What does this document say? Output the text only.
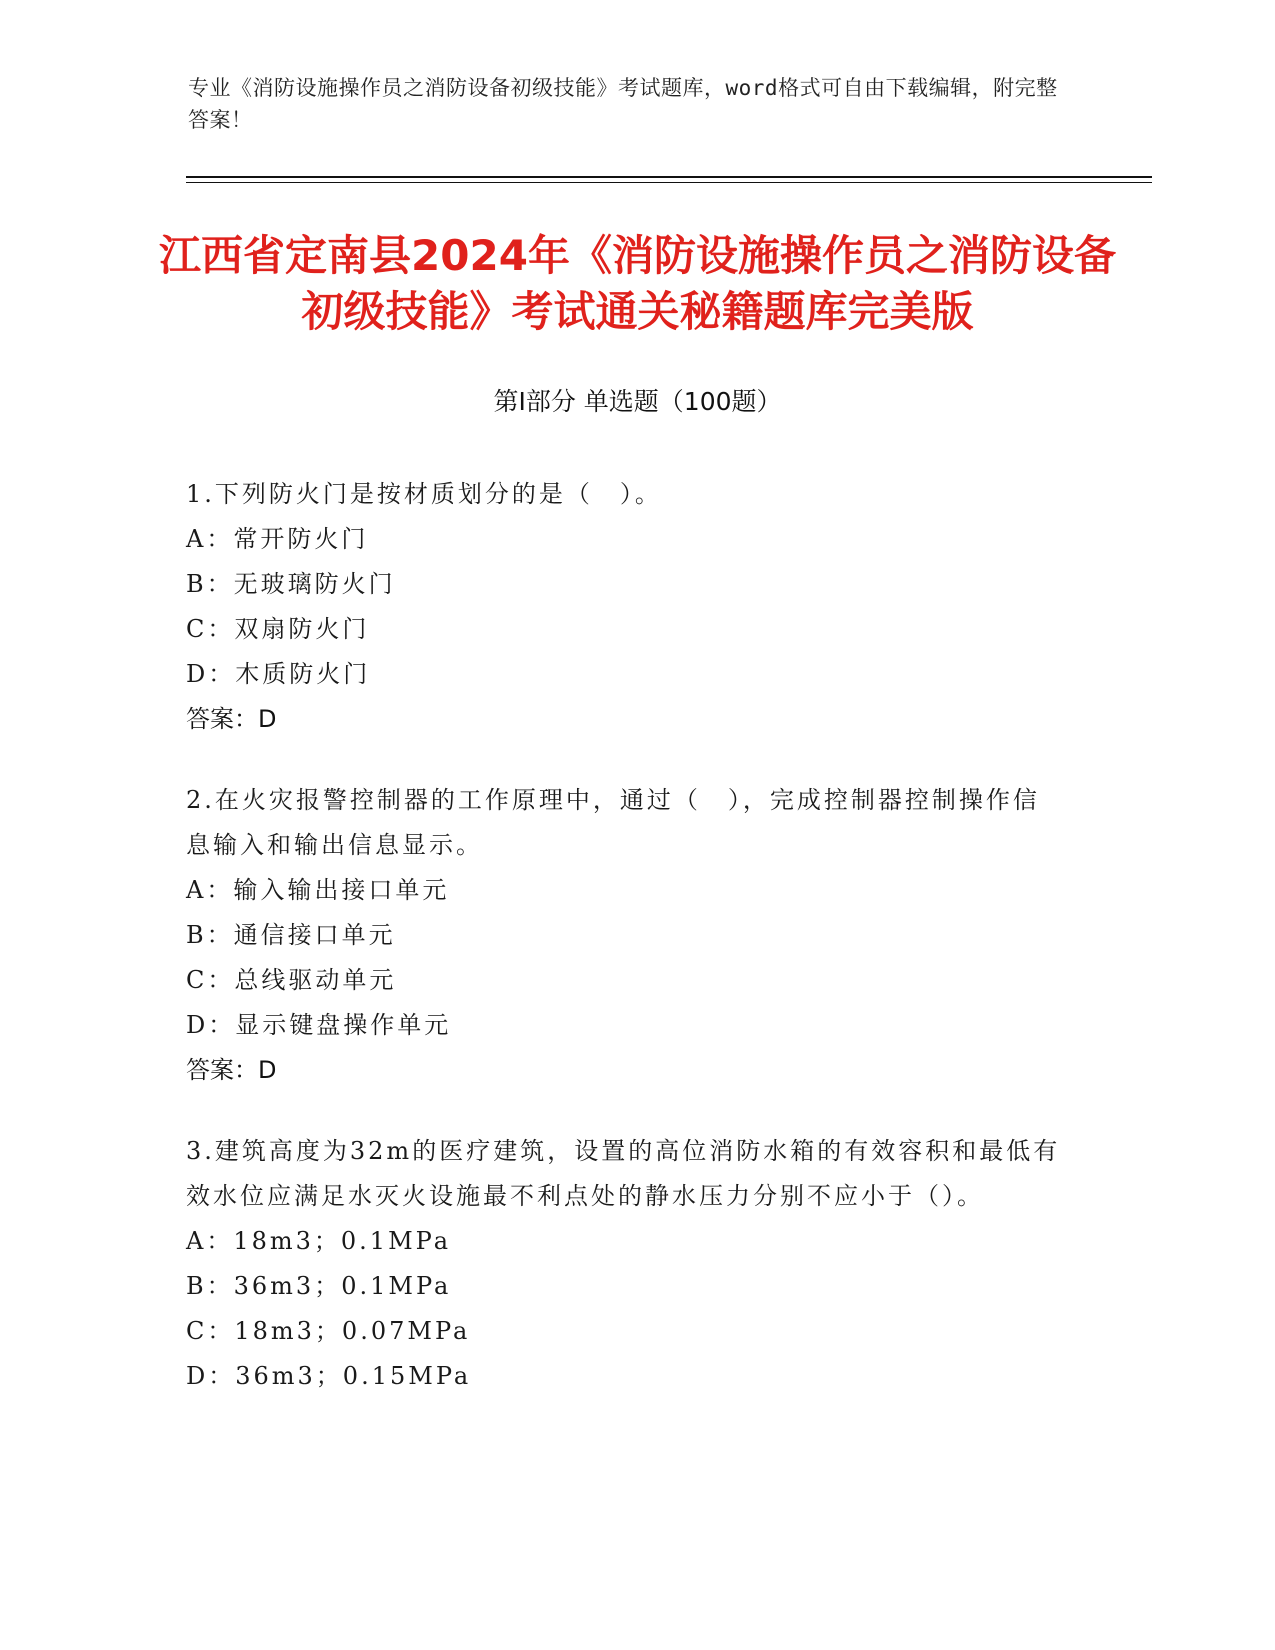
专业《消防设施操作员之消防设备初级技能》考试题库，word格式可自由下载编辑，附完整答案！
江西省定南县2024年《消防设施操作员之消防设备初级技能》考试通关秘籍题库完美版
第Ⅰ部分 单选题（100题）
1.下列防火门是按材质划分的是（　）。
A：常开防火门
B：无玻璃防火门
C：双扇防火门
D：木质防火门
答案：D
2.在火灾报警控制器的工作原理中，通过（　），完成控制器控制操作信息输入和输出信息显示。
A：输入输出接口单元
B：通信接口单元
C：总线驱动单元
D：显示键盘操作单元
答案：D
3.建筑高度为32m的医疗建筑，设置的高位消防水箱的有效容积和最低有效水位应满足水灭火设施最不利点处的静水压力分别不应小于（）。
A：18m3；0.1MPa
B：36m3；0.1MPa
C：18m3；0.07MPa
D：36m3；0.15MPa
